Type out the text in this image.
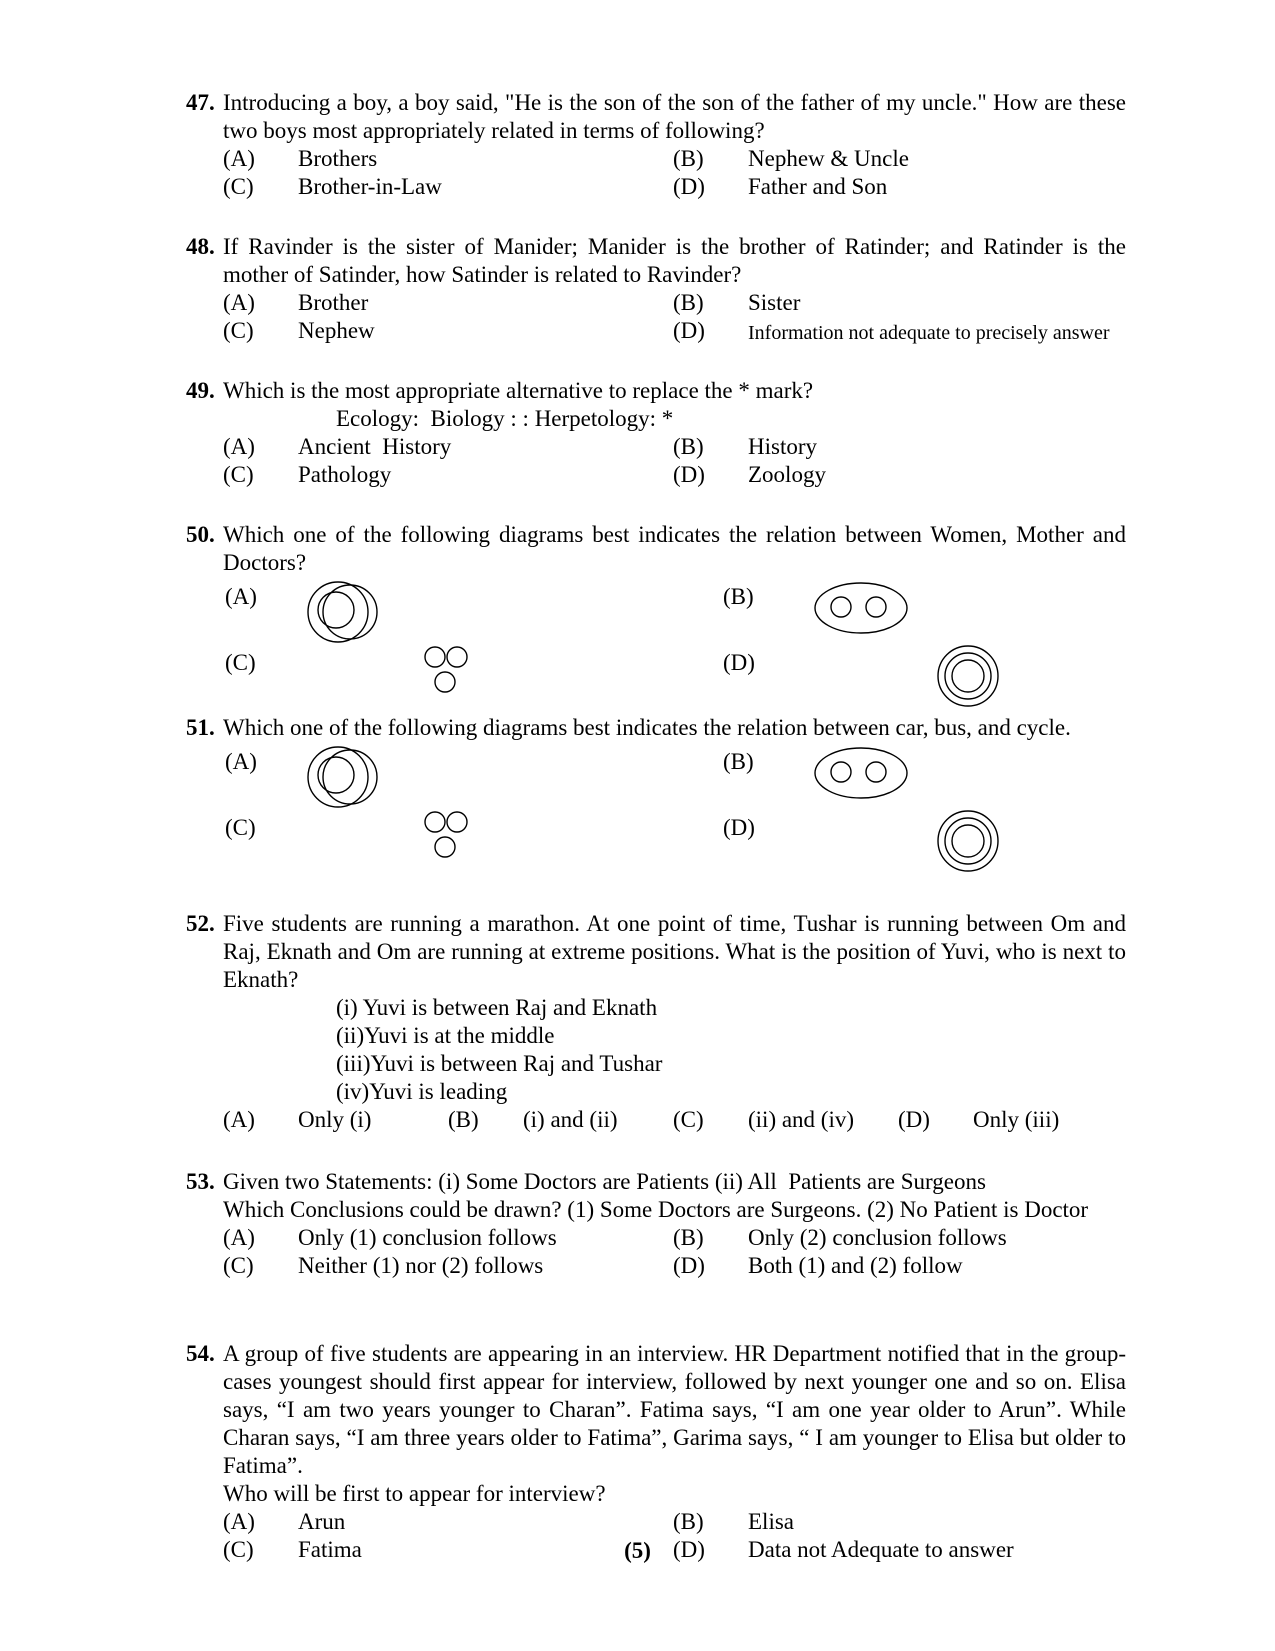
47. Introducing a boy, a boy said, "He is the son of the son of the father of my uncle." How are these two boys most appropriately related in terms of following?
(A) Brothers	(B) Nephew & Uncle
(C) Brother-in-Law	(D) Father and Son
48. If Ravinder is the sister of Manider; Manider is the brother of Ratinder; and Ratinder is the mother of Satinder, how Satinder is related to Ravinder?
(A) Brother	(B) Sister
(C) Nephew	(D) Information not adequate to precisely answer
49. Which is the most appropriate alternative to replace the * mark?
Ecology:  Biology : : Herpetology: *
(A) Ancient  History	(B) History
(C) Pathology	(D) Zoology
50. Which one of the following diagrams best indicates the relation between Women, Mother and Doctors?
(A)	(B)
(C)	(D)
51. Which one of the following diagrams best indicates the relation between car, bus, and cycle.
(A)	(B)
(C)	(D)
52. Five students are running a marathon. At one point of time, Tushar is running between Om and Raj, Eknath and Om are running at extreme positions. What is the position of Yuvi, who is next to Eknath?
(i) Yuvi is between Raj and Eknath
(ii)Yuvi is at the middle
(iii)Yuvi is between Raj and Tushar
(iv)Yuvi is leading
(A) Only (i)	(B) (i) and (ii) (C) (ii) and (iv) (D) Only (iii)
53. Given two Statements: (i) Some Doctors are Patients (ii) All  Patients are Surgeons
Which Conclusions could be drawn? (1) Some Doctors are Surgeons. (2) No Patient is Doctor
(A) Only (1) conclusion follows	(B) Only (2) conclusion follows
(C) Neither (1) nor (2) follows	(D) Both (1) and (2) follow
54. A group of five students are appearing in an interview. HR Department notified that in the group- cases youngest should first appear for interview, followed by next younger one and so on. Elisa says, “I am two years younger to Charan”. Fatima says, “I am one year older to Arun”. While Charan says, “I am three years older to Fatima”, Garima says, “ I am younger to Elisa but older to Fatima”.
Who will be first to appear for interview?
(A) Arun	(B) Elisa
(C) Fatima	(D) Data not Adequate to answer
(5)
